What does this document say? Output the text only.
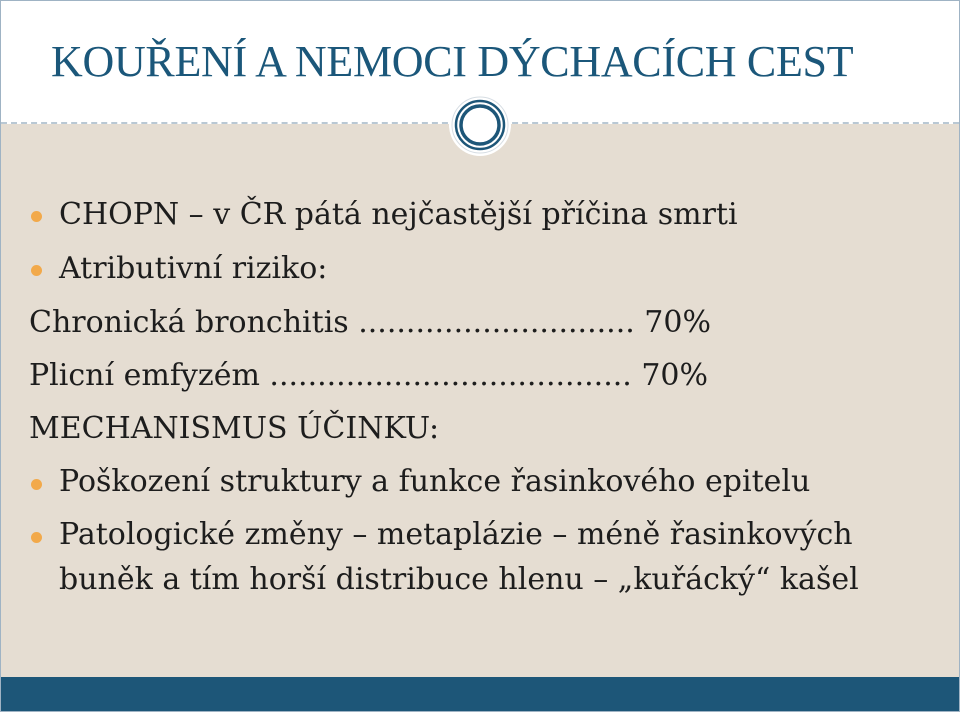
KOUŘENÍ A NEMOCI DÝCHACÍCH CEST

CHOPN – v ČR pátá nejčastější příčina smrti

Atributivní riziko:

Chronická bronchitis ............................. 70%

Plicní emfyzém ...................................... 70%

MECHANISMUS ÚČINKU:

Poškození struktury a funkce řasinkového epitelu

Patologické změny – metaplázie – méně řasinkových

buněk a tím horší distribuce hlenu – „kuřácký“ kašel
